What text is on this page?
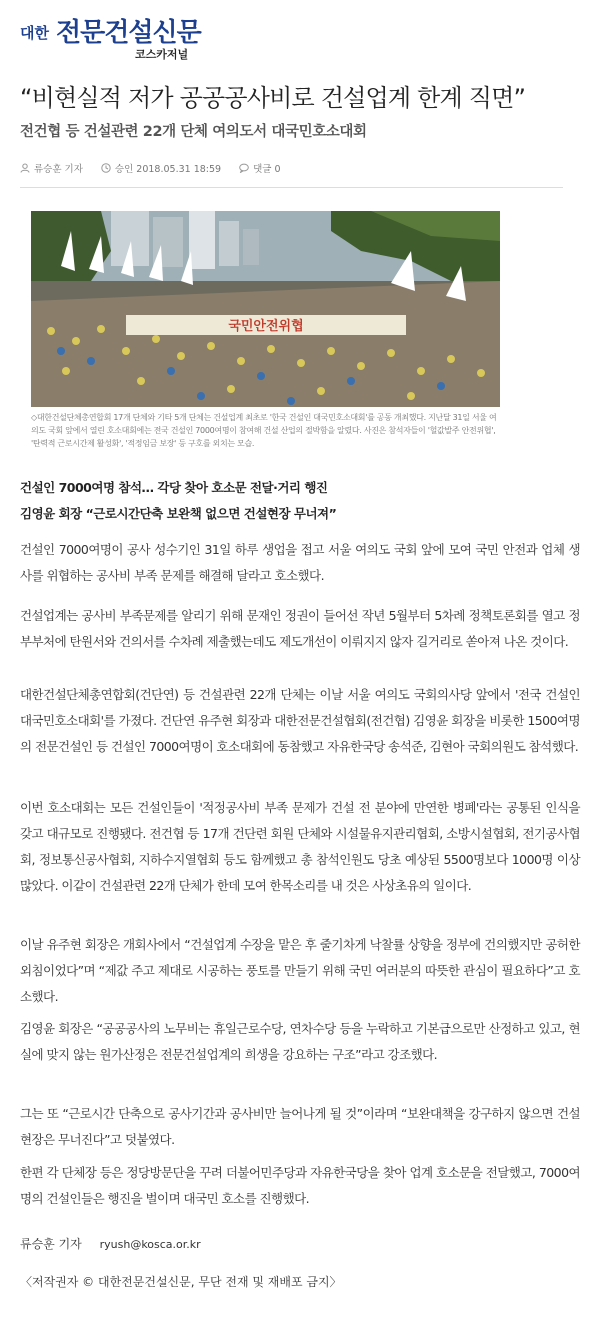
대한 전문건설신문
코스카저널
“비현실적 저가 공공공사비로 건설업계 한계 직면”
전건협 등 건설관련 22개 단체 여의도서 대국민호소대회
류승훈 기자	승인 2018.05.31 18:59	댓글 0
국민안전위협

◇대한건설단체총연합회 17개 단체와 기타 5개 단체는 건설업계 최초로 '한국 건설인 대국민호소대회'를 공동 개최했다. 지난달 31일 서울 여의도 국회 앞에서 열린 호소대회에는 전국 건설인 7000여명이 참여해 건설 산업의 절박함을 알렸다. 사진은 참석자들이 '헐값발주 안전위협', '탄력적 근로시간제 활성화', '적정임금 보장' 등 구호를 외치는 모습.

건설인 7000여명 참석… 각당 찾아 호소문 전달·거리 행진
김영윤 회장 “근로시간단축 보완책 없으면 건설현장 무너져”

건설인 7000여명이 공사 성수기인 31일 하루 생업을 접고 서울 여의도 국회 앞에 모여 국민 안전과 업체 생사를 위협하는 공사비 부족 문제를 해결해 달라고 호소했다.

건설업계는 공사비 부족문제를 알리기 위해 문재인 정권이 들어선 작년 5월부터 5차례 정책토론회를 열고 정부부처에 탄원서와 건의서를 수차례 제출했는데도 제도개선이 이뤄지지 않자 길거리로 쏟아져 나온 것이다.

대한건설단체총연합회(건단연) 등 건설관련 22개 단체는 이날 서울 여의도 국회의사당 앞에서 '전국 건설인 대국민호소대회'를 가졌다. 건단연 유주현 회장과 대한전문건설협회(전건협) 김영윤 회장을 비롯한 1500여명의 전문건설인 등 건설인 7000여명이 호소대회에 동참했고 자유한국당 송석준, 김현아 국회의원도 참석했다.

이번 호소대회는 모든 건설인들이 '적정공사비 부족 문제가 건설 전 분야에 만연한 병폐'라는 공통된 인식을 갖고 대규모로 진행됐다. 전건협 등 17개 건단련 회원 단체와 시설물유지관리협회, 소방시설협회, 전기공사협회, 정보통신공사협회, 지하수지열협회 등도 함께했고 총 참석인원도 당초 예상된 5500명보다 1000명 이상 많았다. 이같이 건설관련 22개 단체가 한데 모여 한목소리를 내 것은 사상초유의 일이다.

이날 유주현 회장은 개회사에서 “건설업계 수장을 맡은 후 줄기차게 낙찰률 상향을 정부에 건의했지만 공허한 외침이었다”며 “제값 주고 제대로 시공하는 풍토를 만들기 위해 국민 여러분의 따뜻한 관심이 필요하다”고 호소했다.

김영윤 회장은 “공공공사의 노무비는 휴일근로수당, 연차수당 등을 누락하고 기본급으로만 산정하고 있고, 현실에 맞지 않는 원가산정은 전문건설업계의 희생을 강요하는 구조”라고 강조했다.

그는 또 “근로시간 단축으로 공사기간과 공사비만 늘어나게 될 것”이라며 “보완대책을 강구하지 않으면 건설현장은 무너진다”고 덧붙였다.

한편 각 단체장 등은 정당방문단을 꾸려 더불어민주당과 자유한국당을 찾아 업계 호소문을 전달했고, 7000여명의 건설인들은 행진을 벌이며 대국민 호소를 진행했다.

류승훈 기자 ryush@kosca.or.kr
〈저작권자 © 대한전문건설신문, 무단 전재 및 재배포 금지〉
